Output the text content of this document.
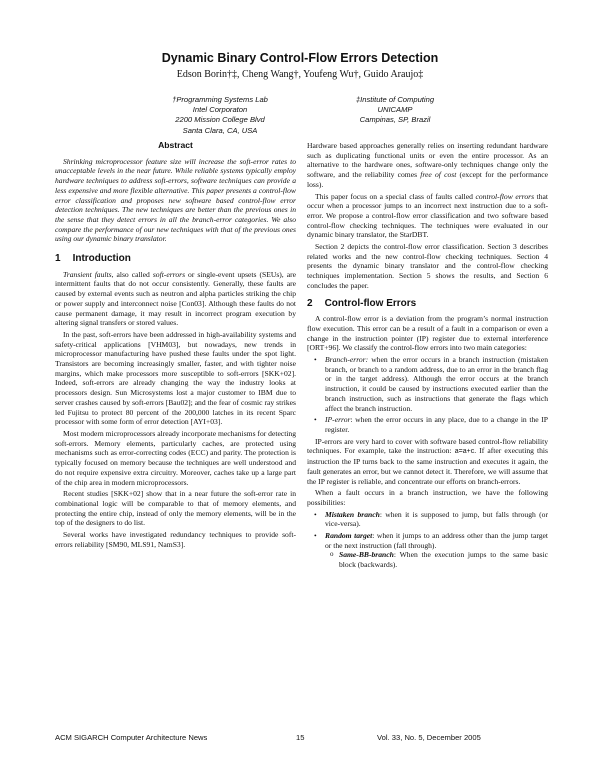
Dynamic Binary Control-Flow Errors Detection
Edson Borin†‡, Cheng Wang†, Youfeng Wu†, Guido Araujo‡
†Programming Systems Lab
Intel Corporaton
2200 Mission College Blvd
Santa Clara, CA, USA
‡Institute of Computing
UNICAMP
Campinas, SP, Brazil
Abstract
Shrinking microprocessor feature size will increase the soft-error rates to unacceptable levels in the near future. While reliable systems typically employ hardware techniques to address soft-errors, software techniques can provide a less expensive and more flexible alternative. This paper presents a control-flow error classification and proposes new software based control-flow error detection techniques. The new techniques are better than the previous ones in the sense that they detect errors in all the branch-error categories. We also compare the performance of our new techniques with that of the previous ones using our dynamic binary translator.
1 Introduction

Transient faults, also called soft-errors or single-event upsets (SEUs), are intermittent faults that do not occur consistently. Generally, these faults are caused by external events such as neutron and alpha particles striking the chip or power supply and interconnect noise [Con03]. Although these faults do not cause permanent damage, it may result in incorrect program execution by altering signal transfers or stored values.

In the past, soft-errors have been addressed in high-availability systems and safety-critical applications [VHM03], but nowadays, new trends in microprocessor manufacturing have pushed these faults under the spot light. Transistors are becoming increasingly smaller, faster, and with tighter noise margins, which make processors more susceptible to soft-errors [SKK+02]. Indeed, soft-errors are already changing the way the industry looks at processors design. Sun Microsystems lost a major customer to IBM due to server crashes caused by soft-errors [Bau02]; and the fear of cosmic ray strikes led Fujitsu to protect 80 percent of the 200,000 latches in its recent Sparc processor with some form of error detection [AYI+03].

Most modern microprocessors already incorporate mechanisms for detecting soft-errors. Memory elements, particularly caches, are protected using mechanisms such as error-correcting codes (ECC) and parity. The protection is typically focused on memory because the techniques are well understood and do not require expensive extra circuitry. Moreover, caches take up a large part of the chip area in modern microprocessors.

Recent studies [SKK+02] show that in a near future the soft-error rate in combinational logic will be comparable to that of memory elements, and protecting the entire chip, instead of only the memory elements, will be in the top of the designers to do list.

Several works have investigated redundancy techniques to provide soft-errors reliability [SM90, MLS91, NamS3].

Hardware based approaches generally relies on inserting redundant hardware such as duplicating functional units or even the entire processor. As an alternative to the hardware ones, software-only techniques change only the software, and the reliability comes free of cost (except for the performance loss).

This paper focus on a special class of faults called control-flow errors that occur when a processor jumps to an incorrect next instruction due to a soft-error. We propose a control-flow error classification and two software based control-flow checking techniques. The techniques were evaluated in our dynamic binary translator, the StarDBT.

Section 2 depicts the control-flow error classification. Section 3 describes related works and the new control-flow checking techniques. Section 4 presents the dynamic binary translator and the control-flow checking techniques implementation. Section 5 shows the results, and Section 6 concludes the paper.

2 Control-flow Errors

A control-flow error is a deviation from the program’s normal instruction flow execution. This error can be a result of a fault in a comparison or even a change in the instruction pointer (IP) register due to external interference [ORT+96]. We classify the control-flow errors into two main categories:

• Branch-error: when the error occurs in a branch instruction (mistaken branch, or branch to a random address, due to an error in the branch flag or in the target address). Although the error occurs at the branch instruction, it could be caused by instructions executed earlier than the branch instruction, such as instructions that generate the flags which affect the branch instruction.
• IP-error: when the error occurs in any place, due to a change in the IP register.

IP-errors are very hard to cover with software based control-flow reliability techniques. For example, take the instruction: a=a+c. If after executing this instruction the IP turns back to the same instruction and executes it again, the fault generates an error, but we cannot detect it. Therefore, we will assume that the IP register is reliable, and concentrate our efforts on branch-errors.

When a fault occurs in a branch instruction, we have the following possibilities:

• Mistaken branch: when it is supposed to jump, but falls through (or vice-versa).
• Random target: when it jumps to an address other than the jump target or the next instruction (fall through).
o Same-BB-branch: When the execution jumps to the same basic block (backwards).
ACM SIGARCH Computer Architecture News	15	Vol. 33, No. 5, December 2005
